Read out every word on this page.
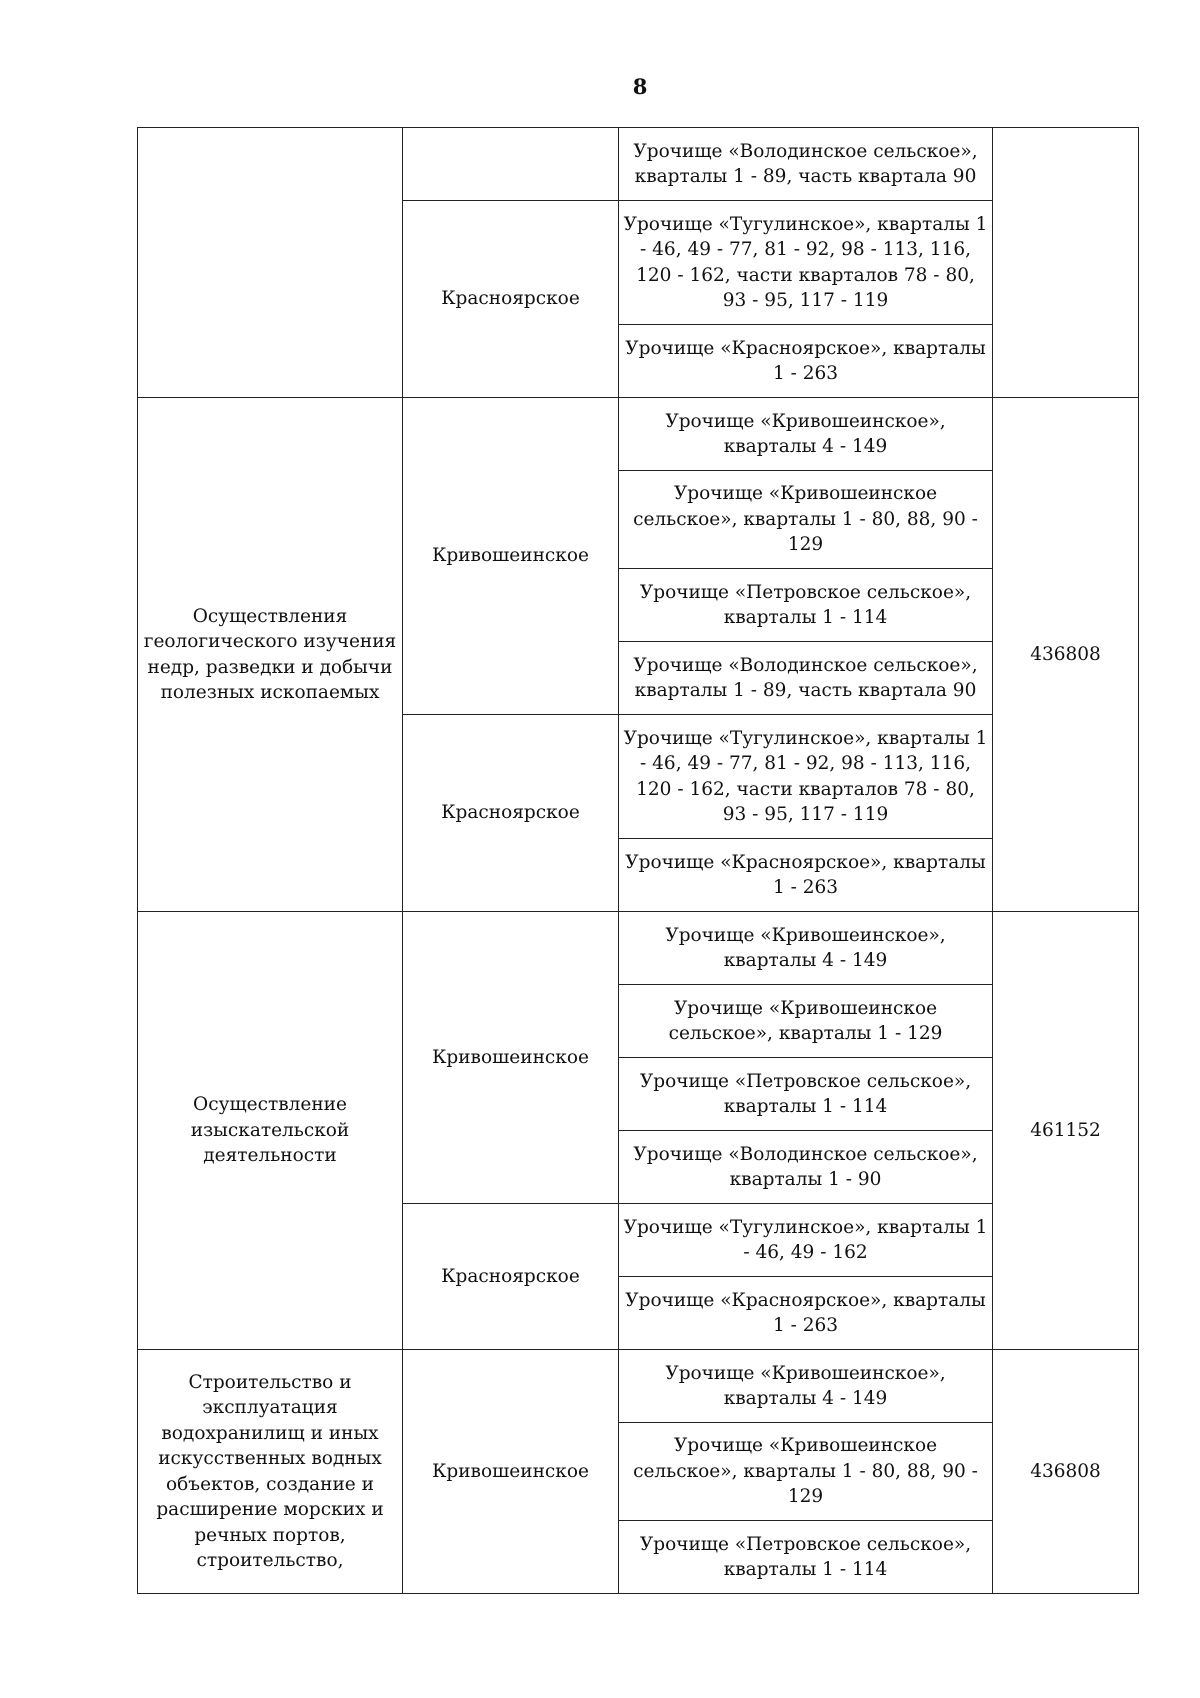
8
		Урочище «Володинское сельское», кварталы 1 - 89, часть квартала 90	
	Красноярское	Урочище «Тугулинское», кварталы 1 - 46, 49 - 77, 81 - 92, 98 - 113, 116, 120 - 162, части кварталов 78 - 80, 93 - 95, 117 - 119	
		Урочище «Красноярское», кварталы 1 - 263	
Осуществления геологического изучения недр, разведки и добычи полезных ископаемых	Кривошеинское	Урочище «Кривошеинское», кварталы 4 - 149	436808
		Урочище «Кривошеинское сельское», кварталы 1 - 80, 88, 90 - 129	
		Урочище «Петровское сельское», кварталы 1 - 114	
		Урочище «Володинское сельское», кварталы 1 - 89, часть квартала 90	
	Красноярское	Урочище «Тугулинское», кварталы 1 - 46, 49 - 77, 81 - 92, 98 - 113, 116, 120 - 162, части кварталов 78 - 80, 93 - 95, 117 - 119	
		Урочище «Красноярское», кварталы 1 - 263	
Осуществление изыскательской деятельности	Кривошеинское	Урочище «Кривошеинское», кварталы 4 - 149	461152
		Урочище «Кривошеинское сельское», кварталы 1 - 129	
		Урочище «Петровское сельское», кварталы 1 - 114	
		Урочище «Володинское сельское», кварталы 1 - 90	
	Красноярское	Урочище «Тугулинское», кварталы 1 - 46, 49 - 162	
		Урочище «Красноярское», кварталы 1 - 263	
Строительство и эксплуатация водохранилищ и иных искусственных водных объектов, создание и расширение морских и речных портов, строительство,	Кривошеинское	Урочище «Кривошеинское», кварталы 4 - 149	436808
		Урочище «Кривошеинское сельское», кварталы 1 - 80, 88, 90 - 129	
		Урочище «Петровское сельское», кварталы 1 - 114	
